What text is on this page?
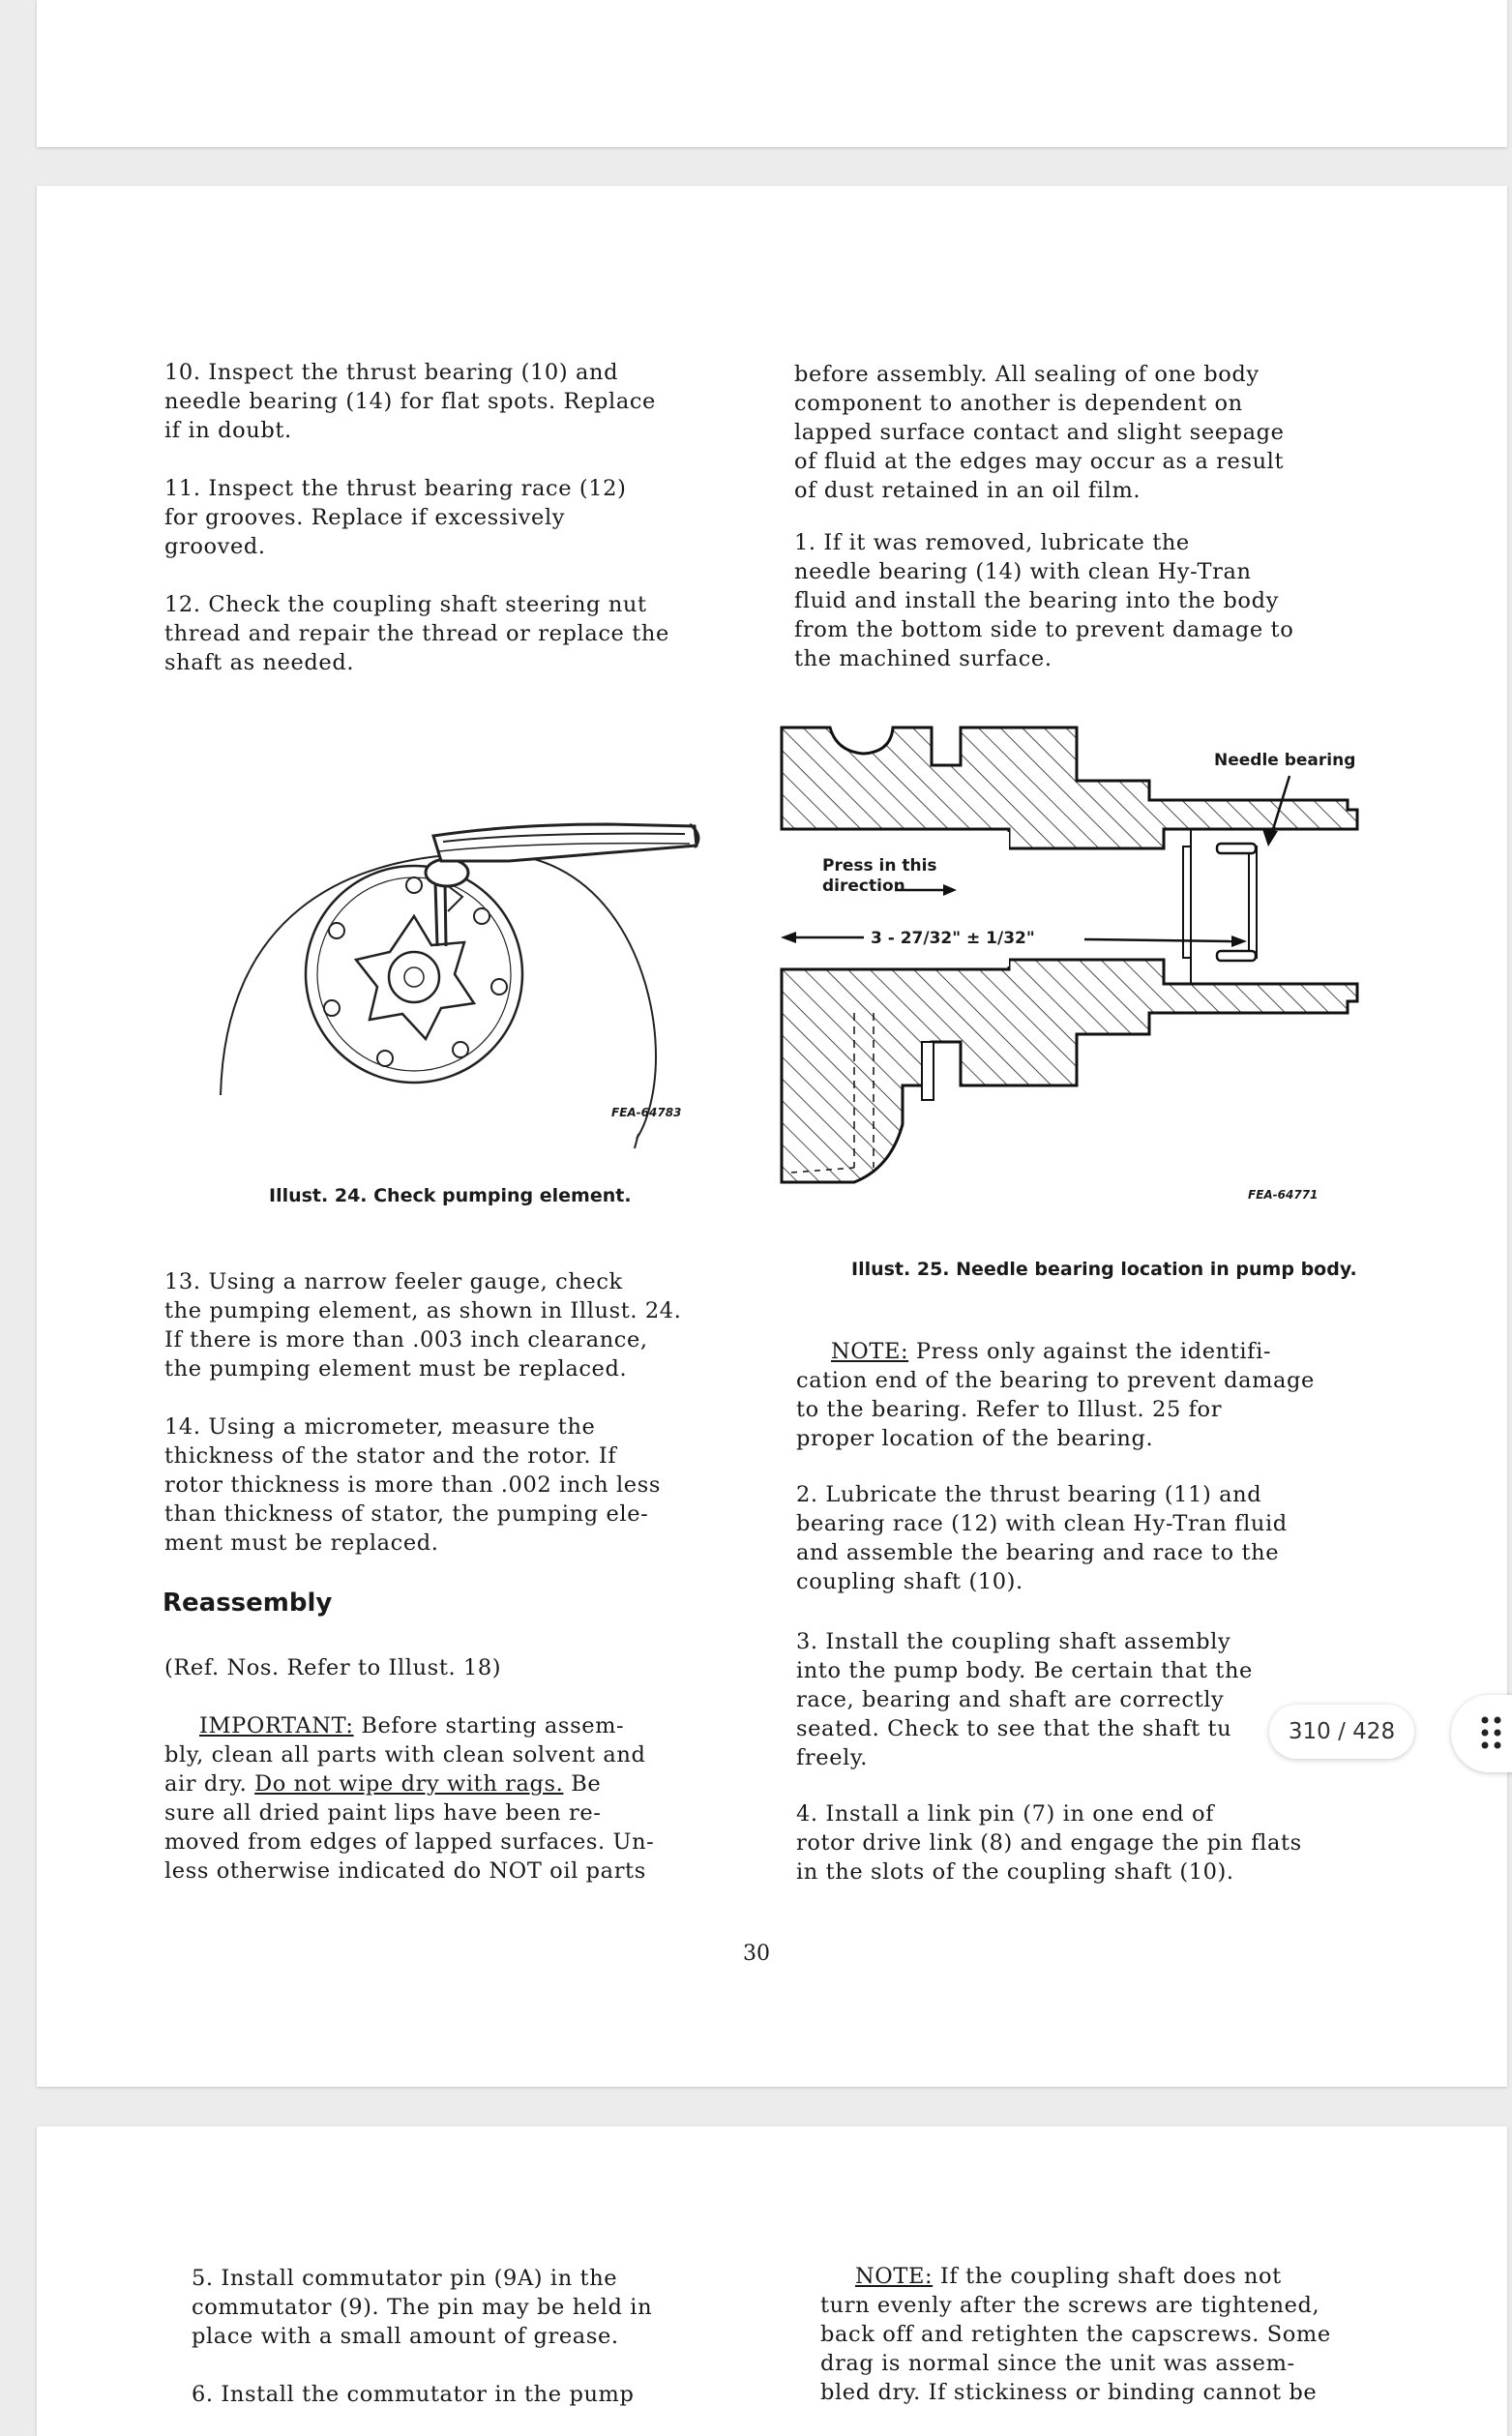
10. Inspect the thrust bearing (10) and
needle bearing (14) for flat spots. Replace
if in doubt.

11. Inspect the thrust bearing race (12)
for grooves. Replace if excessively
grooved.

12. Check the coupling shaft steering nut
thread and repair the thread or replace the
shaft as needed.

FEA-64783

Illust. 24. Check pumping element.

13. Using a narrow feeler gauge, check
the pumping element, as shown in Illust. 24.
If there is more than .003 inch clearance,
the pumping element must be replaced.

14. Using a micrometer, measure the
thickness of the stator and the rotor. If
rotor thickness is more than .002 inch less
than thickness of stator, the pumping ele-
ment must be replaced.

Reassembly

(Ref. Nos. Refer to Illust. 18)

IMPORTANT: Before starting assem-
bly, clean all parts with clean solvent and
air dry. Do not wipe dry with rags. Be
sure all dried paint lips have been re-
moved from edges of lapped surfaces. Un-
less otherwise indicated do NOT oil parts

before assembly. All sealing of one body
component to another is dependent on
lapped surface contact and slight seepage
of fluid at the edges may occur as a result
of dust retained in an oil film.

1. If it was removed, lubricate the
needle bearing (14) with clean Hy-Tran
fluid and install the bearing into the body
from the bottom side to prevent damage to
the machined surface.

Needle bearing

Press in this
direction

3 - 27/32" ± 1/32"

FEA-64771

Illust. 25. Needle bearing location in pump body.

NOTE: Press only against the identifi-
cation end of the bearing to prevent damage
to the bearing. Refer to Illust. 25 for
proper location of the bearing.

2. Lubricate the thrust bearing (11) and
bearing race (12) with clean Hy-Tran fluid
and assemble the bearing and race to the
coupling shaft (10).

3. Install the coupling shaft assembly
into the pump body. Be certain that the
race, bearing and shaft are correctly
seated. Check to see that the shaft tu
freely.

4. Install a link pin (7) in one end of
rotor drive link (8) and engage the pin flats
in the slots of the coupling shaft (10).

30

5. Install commutator pin (9A) in the
commutator (9). The pin may be held in
place with a small amount of grease.

6. Install the commutator in the pump

NOTE: If the coupling shaft does not
turn evenly after the screws are tightened,
back off and retighten the capscrews. Some
drag is normal since the unit was assem-
bled dry. If stickiness or binding cannot be

310 / 428
